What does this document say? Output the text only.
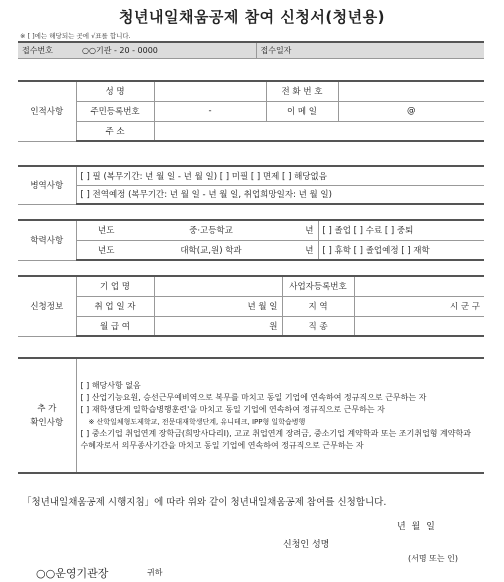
청년내일채움공제 참여 신청서(청년용)
※ [ ]에는 해당되는 곳에 √표를 합니다.
접수번호	○○기관 - 20 - 0000	접수일자
인적사항	성 명		전 화 번 호	
	주민등록번호	-	이 메 일	@
	주 소			
병역사항	[ ] 필 (복무기간: 년 월 일 - 년 월 일) [ ] 미필 [ ] 면제 [ ] 해당없음
[ ] 전역예정 (복무기간: 년 월 일 - 년 월 일, 취업희망일자: 년 월 일)
학력사항	년도	중·고등학교	년	[ ] 졸업 [ ] 수료 [ ] 중퇴
	년도	대학(교,원) 학과	년	[ ] 휴학 [ ] 졸업예정 [ ] 재학
신청정보	기 업 명		사업자등록번호	
	취 업 일 자	년 월 일	지 역	시 군 구
	월 급 여	원	직 종	
추 가
확인사항

[ ] 해당사항 없음
[ ] 산업기능요원, 승선근무예비역으로 복무를 마치고 동일 기업에 연속하여 정규직으로 근무하는 자
[ ] 재학생단계 일학습병행훈련'을 마치고 동일 기업에 연속하여 정규직으로 근무하는 자
※ 산학일체형도제학교, 전문대재학생단계, 유니테크, IPP형 일학습병행
[ ] 중소기업 취업연계 장학금(희망사다리Ⅰ), 고교 취업연계 장려금, 중소기업 계약학과 또는 조기취업형 계약학과 수혜자로서 의무종사기간을 마치고 동일 기업에 연속하여 정규직으로 근무하는 자
「청년내일채움공제 시행지침」에 따라 위와 같이 청년내일채움공제 참여를 신청합니다.
년 월 일
신청인 성명
(서명 또는 인)
○○운영기관장	귀하
